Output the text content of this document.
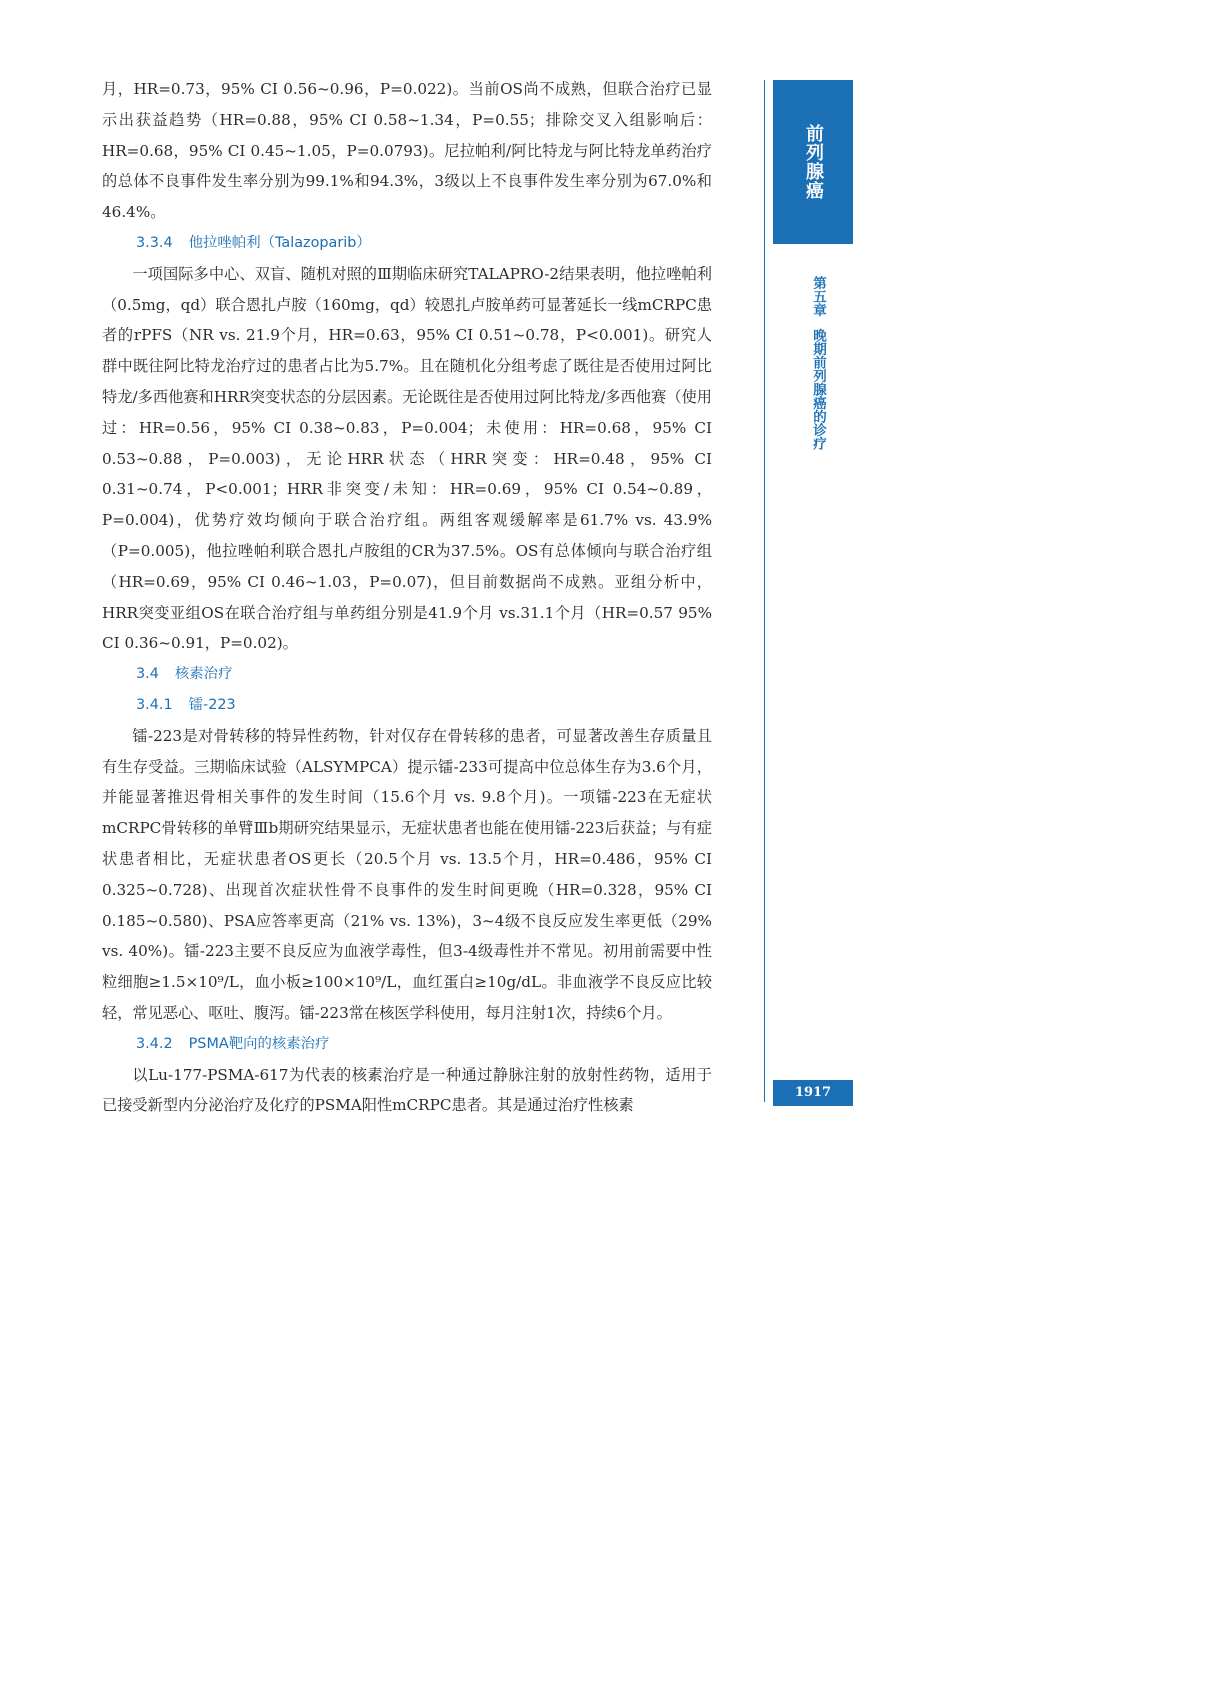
月，HR=0.73，95% CI 0.56~0.96，P=0.022)。当前OS尚不成熟，但联合治疗已显示出获益趋势（HR=0.88，95% CI 0.58~1.34，P=0.55；排除交叉入组影响后：HR=0.68，95% CI 0.45~1.05，P=0.0793)。尼拉帕利/阿比特龙与阿比特龙单药治疗的总体不良事件发生率分别为99.1%和94.3%，3级以上不良事件发生率分别为67.0%和46.4%。

3.3.4 他拉唑帕利（Talazoparib）

一项国际多中心、双盲、随机对照的Ⅲ期临床研究TALAPRO-2结果表明，他拉唑帕利（0.5mg，qd）联合恩扎卢胺（160mg，qd）较恩扎卢胺单药可显著延长一线mCRPC患者的rPFS（NR vs. 21.9个月，HR=0.63，95% CI 0.51~0.78，P<0.001)。研究人群中既往阿比特龙治疗过的患者占比为5.7%。且在随机化分组考虑了既往是否使用过阿比特龙/多西他赛和HRR突变状态的分层因素。无论既往是否使用过阿比特龙/多西他赛（使用过：HR=0.56，95% CI 0.38~0.83，P=0.004；未使用：HR=0.68，95% CI 0.53~0.88，P=0.003)，无论HRR状态（HRR突变：HR=0.48，95% CI 0.31~0.74，P<0.001；HRR非突变/未知：HR=0.69，95% CI 0.54~0.89，P=0.004)，优势疗效均倾向于联合治疗组。两组客观缓解率是61.7% vs. 43.9%（P=0.005)，他拉唑帕利联合恩扎卢胺组的CR为37.5%。OS有总体倾向与联合治疗组（HR=0.69，95% CI 0.46~1.03，P=0.07)，但目前数据尚不成熟。亚组分析中，HRR突变亚组OS在联合治疗组与单药组分别是41.9个月 vs.31.1个月（HR=0.57 95% CI 0.36~0.91，P=0.02)。

3.4 核素治疗

3.4.1 镭-223

镭-223是对骨转移的特异性药物，针对仅存在骨转移的患者，可显著改善生存质量且有生存受益。三期临床试验（ALSYMPCA）提示镭-233可提高中位总体生存为3.6个月，并能显著推迟骨相关事件的发生时间（15.6个月 vs. 9.8个月)。一项镭-223在无症状mCRPC骨转移的单臂Ⅲb期研究结果显示，无症状患者也能在使用镭-223后获益；与有症状患者相比，无症状患者OS更长（20.5个月 vs. 13.5个月，HR=0.486，95% CI 0.325~0.728)、出现首次症状性骨不良事件的发生时间更晚（HR=0.328，95% CI 0.185~0.580)、PSA应答率更高（21% vs. 13%)，3~4级不良反应发生率更低（29% vs. 40%)。镭-223主要不良反应为血液学毒性，但3-4级毒性并不常见。初用前需要中性粒细胞≥1.5×10⁹/L，血小板≥100×10⁹/L，血红蛋白≥10g/dL。非血液学不良反应比较轻，常见恶心、呕吐、腹泻。镭-223常在核医学科使用，每月注射1次，持续6个月。

3.4.2 PSMA靶向的核素治疗

以Lu-177-PSMA-617为代表的核素治疗是一种通过静脉注射的放射性药物，适用于已接受新型内分泌治疗及化疗的PSMA阳性mCRPC患者。其是通过治疗性核素

前列腺癌
第五章晚期前列腺癌的诊疗
1917
